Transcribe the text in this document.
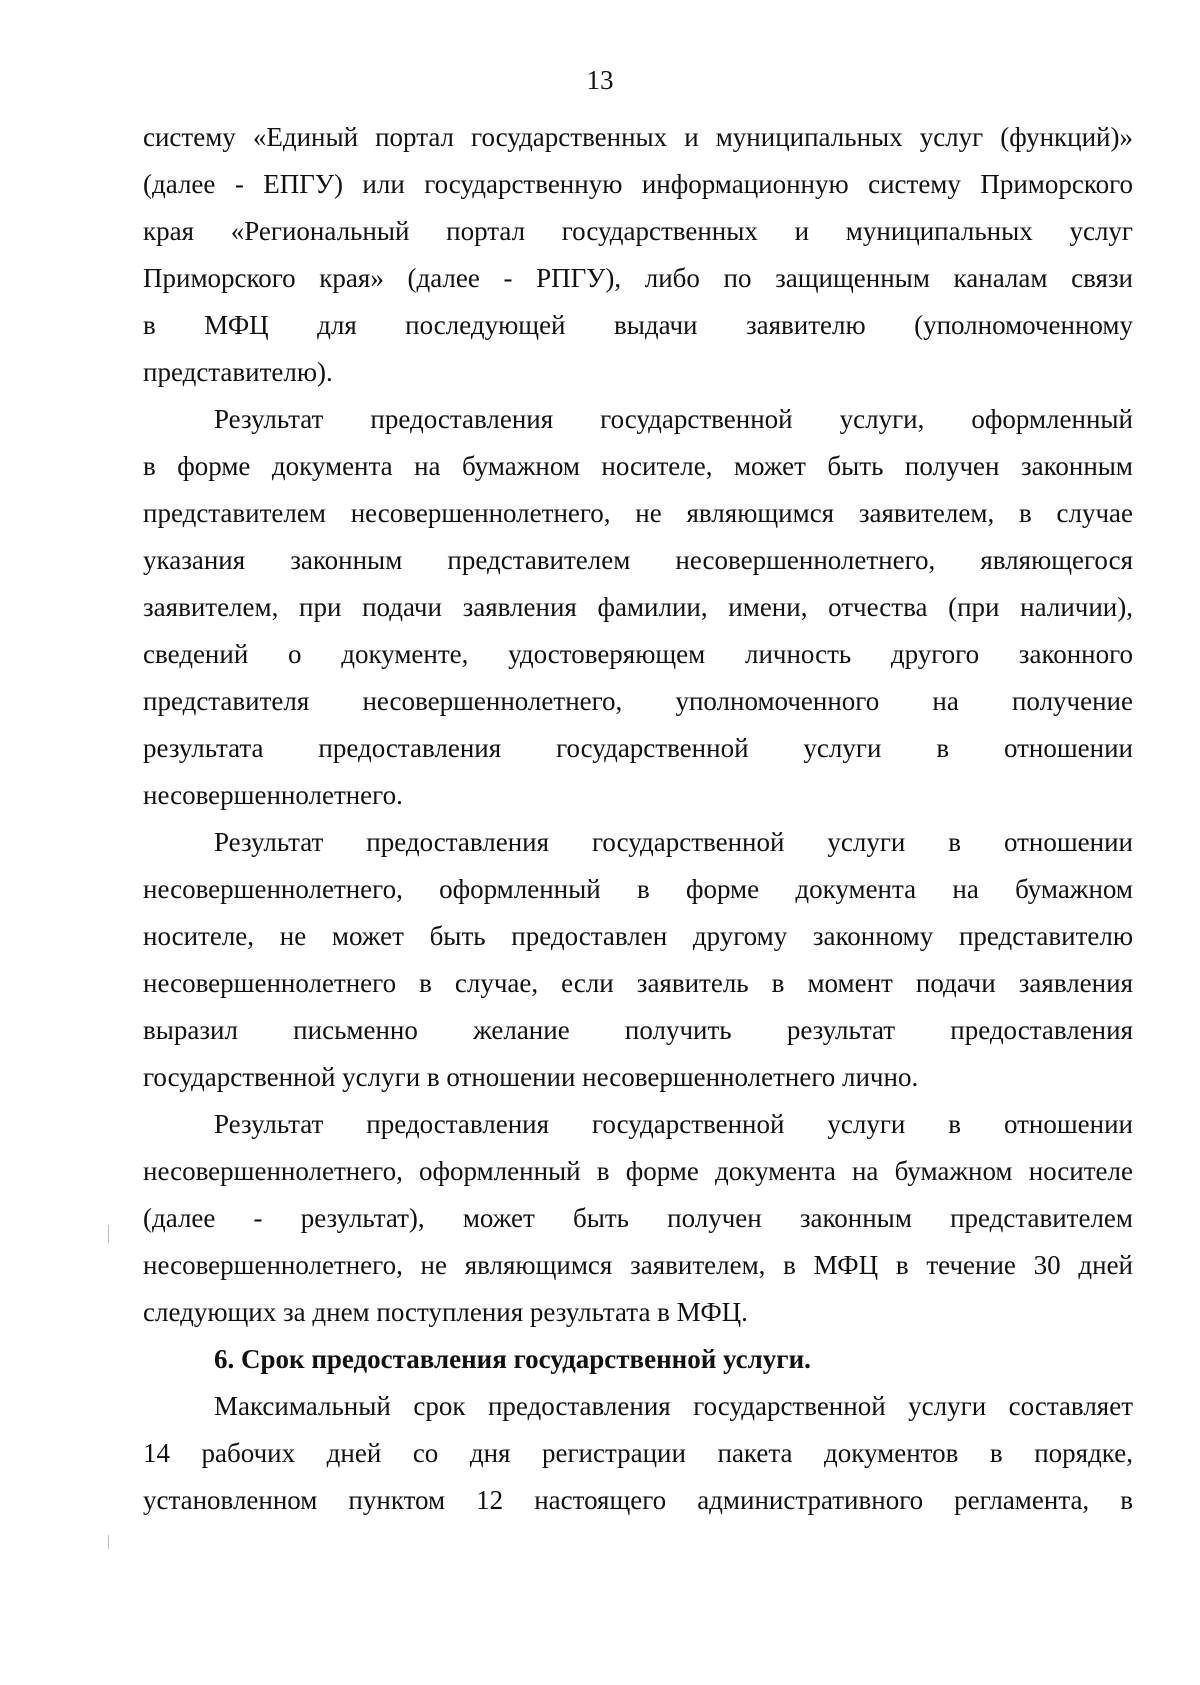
13
систему «Единый портал государственных и муниципальных услуг (функций)»
(далее - ЕПГУ) или государственную информационную систему Приморского
края «Региональный портал государственных и муниципальных услуг
Приморского края» (далее - РПГУ), либо по защищенным каналам связи
в МФЦ для последующей выдачи заявителю (уполномоченному
представителю).
Результат предоставления государственной услуги, оформленный
в форме документа на бумажном носителе, может быть получен законным
представителем несовершеннолетнего, не являющимся заявителем, в случае
указания законным представителем несовершеннолетнего, являющегося
заявителем, при подачи заявления фамилии, имени, отчества (при наличии),
сведений о документе, удостоверяющем личность другого законного
представителя несовершеннолетнего, уполномоченного на получение
результата предоставления государственной услуги в отношении
несовершеннолетнего.
Результат предоставления государственной услуги в отношении
несовершеннолетнего, оформленный в форме документа на бумажном
носителе, не может быть предоставлен другому законному представителю
несовершеннолетнего в случае, если заявитель в момент подачи заявления
выразил письменно желание получить результат предоставления
государственной услуги в отношении несовершеннолетнего лично.
Результат предоставления государственной услуги в отношении
несовершеннолетнего, оформленный в форме документа на бумажном носителе
(далее - результат), может быть получен законным представителем
несовершеннолетнего, не являющимся заявителем, в МФЦ в течение 30 дней
следующих за днем поступления результата в МФЦ.
6. Срок предоставления государственной услуги.
Максимальный срок предоставления государственной услуги составляет
14 рабочих дней со дня регистрации пакета документов в порядке,
установленном пунктом 12 настоящего административного регламента, в
